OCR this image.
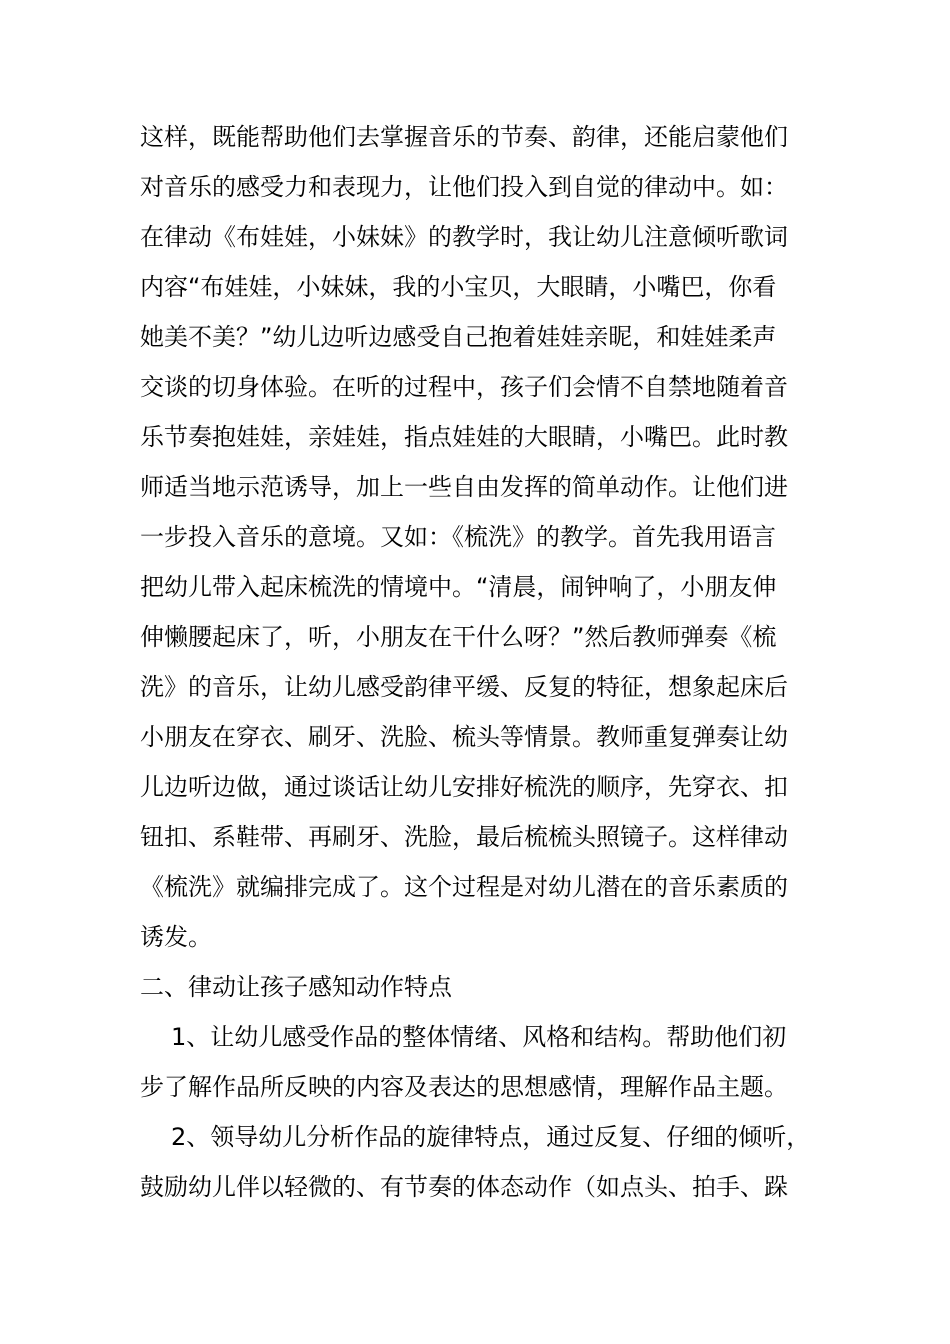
这样，既能帮助他们去掌握音乐的节奏、韵律，还能启蒙他们
对音乐的感受力和表现力，让他们投入到自觉的律动中。如：
在律动《布娃娃，小妹妹》的教学时，我让幼儿注意倾听歌词
内容“布娃娃，小妹妹，我的小宝贝，大眼睛，小嘴巴，你看
她美不美？”幼儿边听边感受自己抱着娃娃亲昵，和娃娃柔声
交谈的切身体验。在听的过程中，孩子们会情不自禁地随着音
乐节奏抱娃娃，亲娃娃，指点娃娃的大眼睛，小嘴巴。此时教
师适当地示范诱导，加上一些自由发挥的简单动作。让他们进
一步投入音乐的意境。又如：《梳洗》的教学。首先我用语言
把幼儿带入起床梳洗的情境中。“清晨，闹钟响了，小朋友伸
伸懒腰起床了，听，小朋友在干什么呀？”然后教师弹奏《梳
洗》的音乐，让幼儿感受韵律平缓、反复的特征，想象起床后
小朋友在穿衣、刷牙、洗脸、梳头等情景。教师重复弹奏让幼
儿边听边做，通过谈话让幼儿安排好梳洗的顺序，先穿衣、扣
钮扣、系鞋带、再刷牙、洗脸，最后梳梳头照镜子。这样律动
《梳洗》就编排完成了。这个过程是对幼儿潜在的音乐素质的
诱发。
二、律动让孩子感知动作特点
1、让幼儿感受作品的整体情绪、风格和结构。帮助他们初
步了解作品所反映的内容及表达的思想感情，理解作品主题。
2、领导幼儿分析作品的旋律特点，通过反复、仔细的倾听，
鼓励幼儿伴以轻微的、有节奏的体态动作（如点头、拍手、跺
